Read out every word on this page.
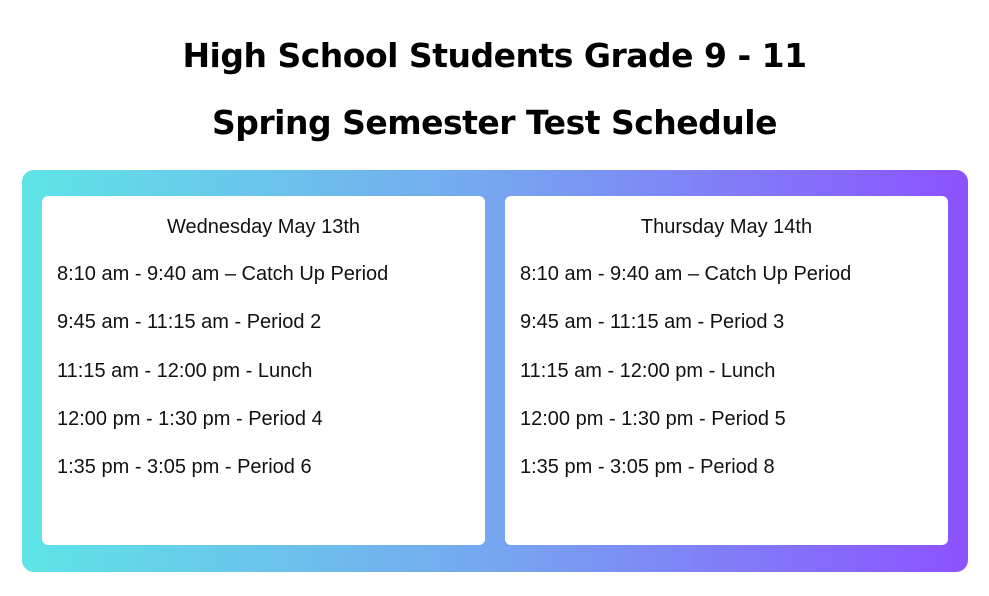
High School Students Grade 9 - 11
Spring Semester Test Schedule
Wednesday May 13th
8:10 am - 9:40 am – Catch Up Period
9:45 am - 11:15 am - Period 2
11:15 am - 12:00 pm - Lunch
12:00 pm - 1:30 pm - Period 4
1:35 pm - 3:05 pm - Period 6
Thursday May 14th
8:10 am - 9:40 am – Catch Up Period
9:45 am - 11:15 am - Period 3
11:15 am - 12:00 pm - Lunch
12:00 pm - 1:30 pm - Period 5
1:35 pm - 3:05 pm - Period 8
